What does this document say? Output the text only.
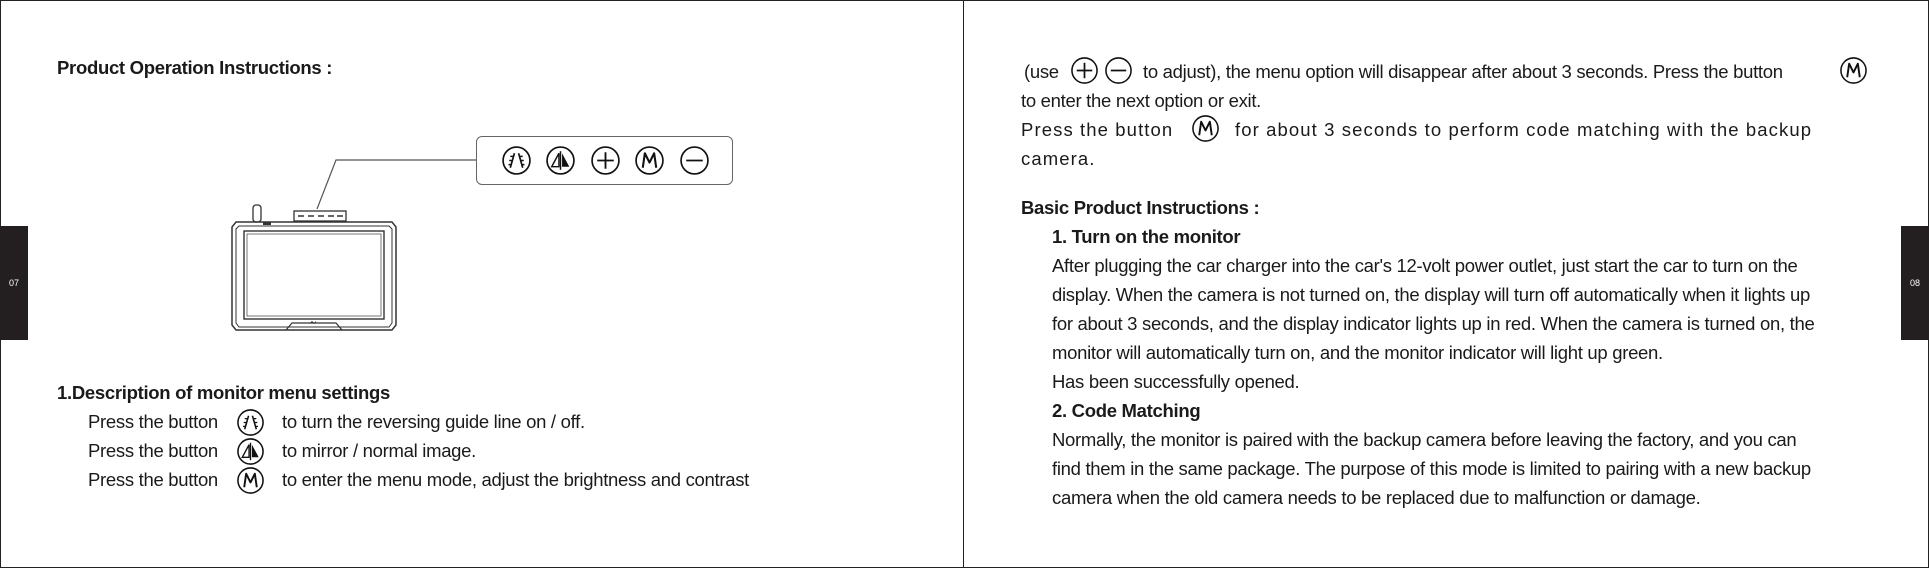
07	08
Product Operation Instructions :
1.Description of monitor menu settings
Press the button	to turn the reversing guide line on / off.
Press the button	to mirror / normal image.
Press the button	to enter the menu mode, adjust the brightness and contrast
(use	to adjust), the menu option will disappear after about 3 seconds. Press the button
to enter the next option or exit.
Press the button	for about 3 seconds to perform code matching with the backup
camera.
Basic Product Instructions :
1. Turn on the monitor
After plugging the car charger into the car's 12-volt power outlet, just start the car to turn on the
display. When the camera is not turned on, the display will turn off automatically when it lights up
for about 3 seconds, and the display indicator lights up in red. When the camera is turned on, the
monitor will automatically turn on, and the monitor indicator will light up green.
Has been successfully opened.
2. Code Matching
Normally, the monitor is paired with the backup camera before leaving the factory, and you can
find them in the same package. The purpose of this mode is limited to pairing with a new backup
camera when the old camera needs to be replaced due to malfunction or damage.
